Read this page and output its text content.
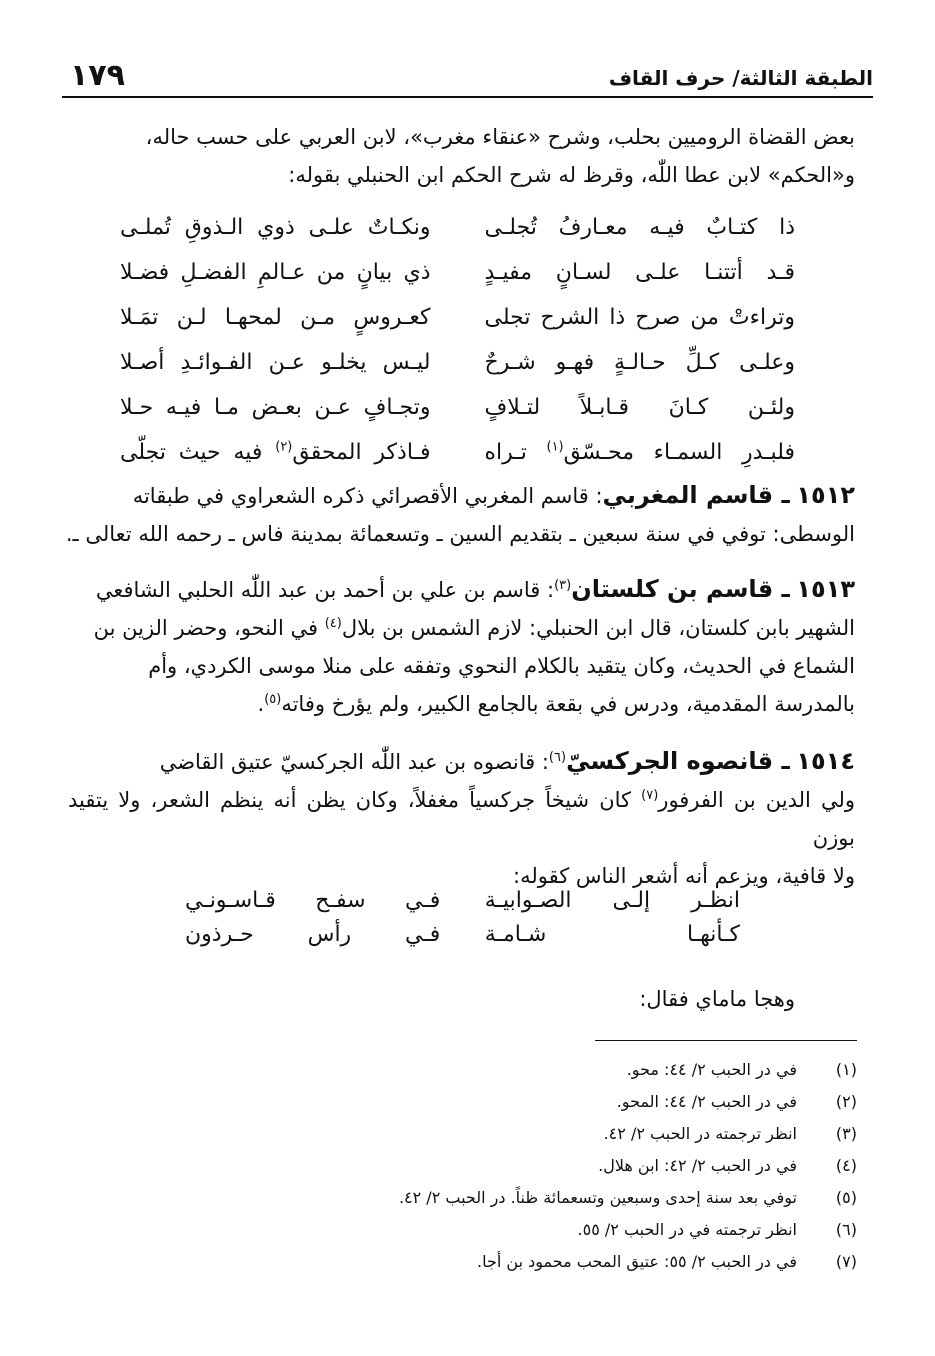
الطبقة الثالثة/ حرف القاف
١٧٩
بعض القضاة الروميين بحلب، وشرح «عنقاء مغرب»، لابن العربي على حسب حاله،
و«الحكم» لابن عطا اللّٰه، وقرظ له شرح الحكم ابن الحنبلي بقوله:
ذا كتـابٌ فيـه معـارفُ تُجلـى
ونكـاتٌ علـى ذوي الـذوقِ تُملـى
قـد أتتنـا علـى لسـانٍ مفيـدٍ
ذي بيانٍ من عـالمِ الفضـلِ فضـلا
وتراءتْ من صرح ذا الشرح تجلى
كعـروسٍ مـن لمحهـا لـن تمَـلا
وعلـى كـلِّ حـالـةٍ فهـو شـرحٌ
ليـس يخلـو عـن الفـوائـدِ أصـلا
ولئـن كـانَ قـابـلاً لتـلافٍ
وتجـافٍ عـن بعـض مـا فيـه حـلا
فلبـدرِ السمـاء محـسّق$^{(١)}$ تـراه
فـاذكر المحقق$^{(٢)}$ فيه حيث تجلّى
١٥١٢ ـ قاسم المغربي: قاسم المغربي الأقصرائي ذكره الشعراوي في طبقاته
الوسطى: توفي في سنة سبعين ـ بتقديم السين ـ وتسعمائة بمدينة فاس ـ رحمه الله تعالى ـ.
١٥١٣ ـ قاسم بن كلستان$^{(٣)}$: قاسم بن علي بن أحمد بن عبد اللّٰه الحلبي الشافعي
الشهير بابن كلستان، قال ابن الحنبلي: لازم الشمس بن بلال$^{(٤)}$ في النحو، وحضر الزين بن
الشماع في الحديث، وكان يتقيد بالكلام النحوي وتفقه على منلا موسى الكردي، وأم
بالمدرسة المقدمية، ودرس في بقعة بالجامع الكبير، ولم يؤرخ وفاته$^{(٥)}$.
١٥١٤ ـ قانصوه الجركسيّ$^{(٦)}$: قانصوه بن عبد اللّٰه الجركسيّ عتيق القاضي
ولي الدين بن الفرفور$^{(٧)}$ كان شيخاً جركسياً مغفلاً، وكان يظن أنه ينظم الشعر، ولا يتقيد بوزن
ولا قافية، ويزعم أنه أشعر الناس كقوله:
انظـر إلـى الصـوابيـة
فـي سفـح قـاسـونـي
كـأنهـا شـامـة
فـي رأس حـرذون
وهجا ماماي فقال:
(١)في در الحبب ٢/ ٤٤: محو.
(٢)في در الحبب ٢/ ٤٤: المحو.
(٣)انظر ترجمته در الحبب ٢/ ٤٢.
(٤)في در الحبب ٢/ ٤٢: ابن هلال.
(٥)توفي بعد سنة إحدى وسبعين وتسعمائة ظناً. در الحبب ٢/ ٤٢.
(٦)انظر ترجمته في در الحبب ٢/ ٥٥.
(٧)في در الحبب ٢/ ٥٥: عتيق المحب محمود بن أجا.
